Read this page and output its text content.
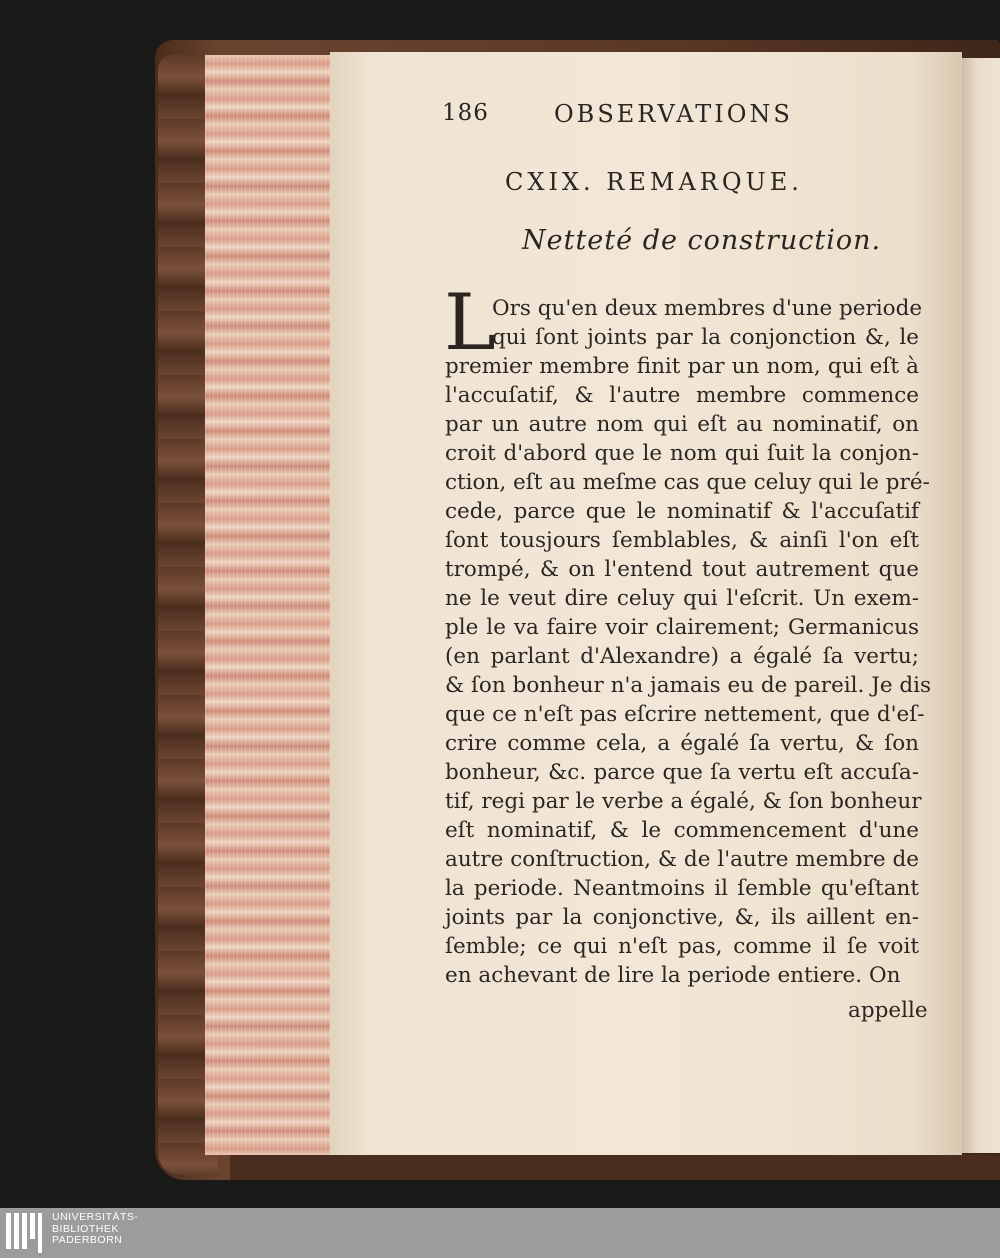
186	OBSERVATIONS
CXIX. REMARQUE.
Netteté de construction.
L
Ors qu'en deux membres d'une periode
qui ſont joints par la conjonction &, le
premier membre finit par un nom, qui eſt à
l'accuſatif, & l'autre membre commence
par un autre nom qui eſt au nominatif, on
croit d'abord que le nom qui ſuit la conjon-
ction, eſt au meſme cas que celuy qui le pré-
cede, parce que le nominatif & l'accuſatif
ſont tousjours ſemblables, & ainſi l'on eſt
trompé, & on l'entend tout autrement que
ne le veut dire celuy qui l'eſcrit. Un exem-
ple le va faire voir clairement; Germanicus
(en parlant d'Alexandre) a égalé ſa vertu;
& ſon bonheur n'a jamais eu de pareil. Je dis
que ce n'eſt pas eſcrire nettement, que d'eſ-
crire comme cela, a égalé ſa vertu, & ſon
bonheur, &c. parce que ſa vertu eſt accuſa-
tif, regi par le verbe a égalé, & ſon bonheur
eſt nominatif, & le commencement d'une
autre conſtruction, & de l'autre membre de
la periode. Neantmoins il ſemble qu'eſtant
joints par la conjonctive, &, ils aillent en-
ſemble; ce qui n'eſt pas, comme il ſe voit
en achevant de lire la periode entiere. On
appelle
UNIVERSITÄTS-
BIBLIOTHEK
PADERBORN
